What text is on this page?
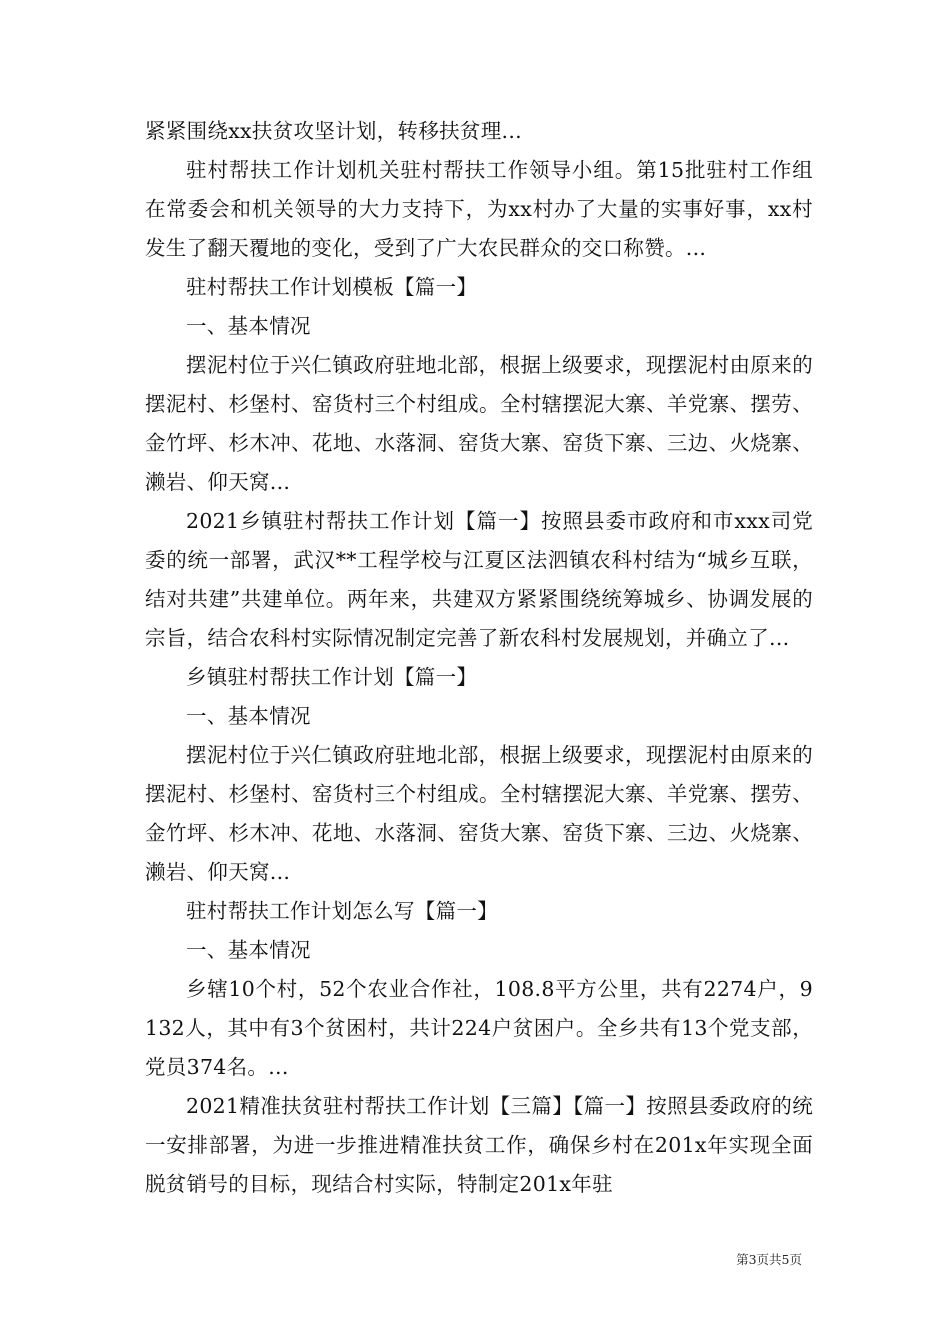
紧紧围绕xx扶贫攻坚计划，转移扶贫理...

驻村帮扶工作计划机关驻村帮扶工作领导小组。第15批驻村工作组在常委会和机关领导的大力支持下，为xx村办了大量的实事好事，xx村发生了翻天覆地的变化，受到了广大农民群众的交口称赞。...

驻村帮扶工作计划模板【篇一】

一、基本情况

摆泥村位于兴仁镇政府驻地北部，根据上级要求，现摆泥村由原来的摆泥村、杉堡村、窑货村三个村组成。全村辖摆泥大寨、羊党寨、摆劳、金竹坪、杉木冲、花地、水落洞、窑货大寨、窑货下寨、三边、火烧寨、濑岩、仰天窝...

2021乡镇驻村帮扶工作计划【篇一】按照县委市政府和市xxx司党委的统一部署，武汉**工程学校与江夏区法泗镇农科村结为“城乡互联，结对共建”共建单位。两年来，共建双方紧紧围绕统筹城乡、协调发展的宗旨，结合农科村实际情况制定完善了新农科村发展规划，并确立了...

乡镇驻村帮扶工作计划【篇一】

一、基本情况

摆泥村位于兴仁镇政府驻地北部，根据上级要求，现摆泥村由原来的摆泥村、杉堡村、窑货村三个村组成。全村辖摆泥大寨、羊党寨、摆劳、金竹坪、杉木冲、花地、水落洞、窑货大寨、窑货下寨、三边、火烧寨、濑岩、仰天窝...

驻村帮扶工作计划怎么写【篇一】

一、基本情况

乡辖10个村，52个农业合作社，108.8平方公里，共有2274户，9132人，其中有3个贫困村，共计224户贫困户。全乡共有13个党支部，党员374名。...

2021精准扶贫驻村帮扶工作计划【三篇】【篇一】按照县委政府的统一安排部署，为进一步推进精准扶贫工作，确保乡村在201x年实现全面脱贫销号的目标，现结合村实际，特制定201x年驻

第3页共5页
